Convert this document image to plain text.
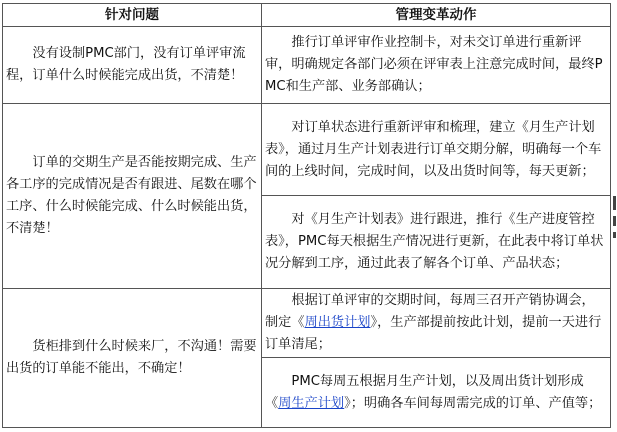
针对问题	管理变革动作
没有设制PMC部门，没有订单评审流程，订单什么时候能完成出货，不清楚！	推行订单评审作业控制卡，对未交订单进行重新评审，明确规定各部门必须在评审表上注意完成时间，最终PMC和生产部、业务部确认；
订单的交期生产是否能按期完成、生产各工序的完成情况是否有跟进、尾数在哪个工序、什么时候能完成、什么时候能出货，不清楚！	对订单状态进行重新评审和梳理，建立《月生产计划表》，通过月生产计划表进行订单交期分解，明确每一个车间的上线时间，完成时间，以及出货时间等，每天更新；
	对《月生产计划表》进行跟进，推行《生产进度管控表》，PMC每天根据生产情况进行更新，在此表中将订单状况分解到工序，通过此表了解各个订单、产品状态；
货柜排到什么时候来厂，不沟通！需要出货的订单能不能出，不确定！	根据订单评审的交期时间，每周三召开产销协调会，制定《周出货计划》，生产部提前按此计划，提前一天进行订单清尾；
	PMC每周五根据月生产计划，以及周出货计划形成《周生产计划》；明确各车间每周需完成的订单、产值等；
